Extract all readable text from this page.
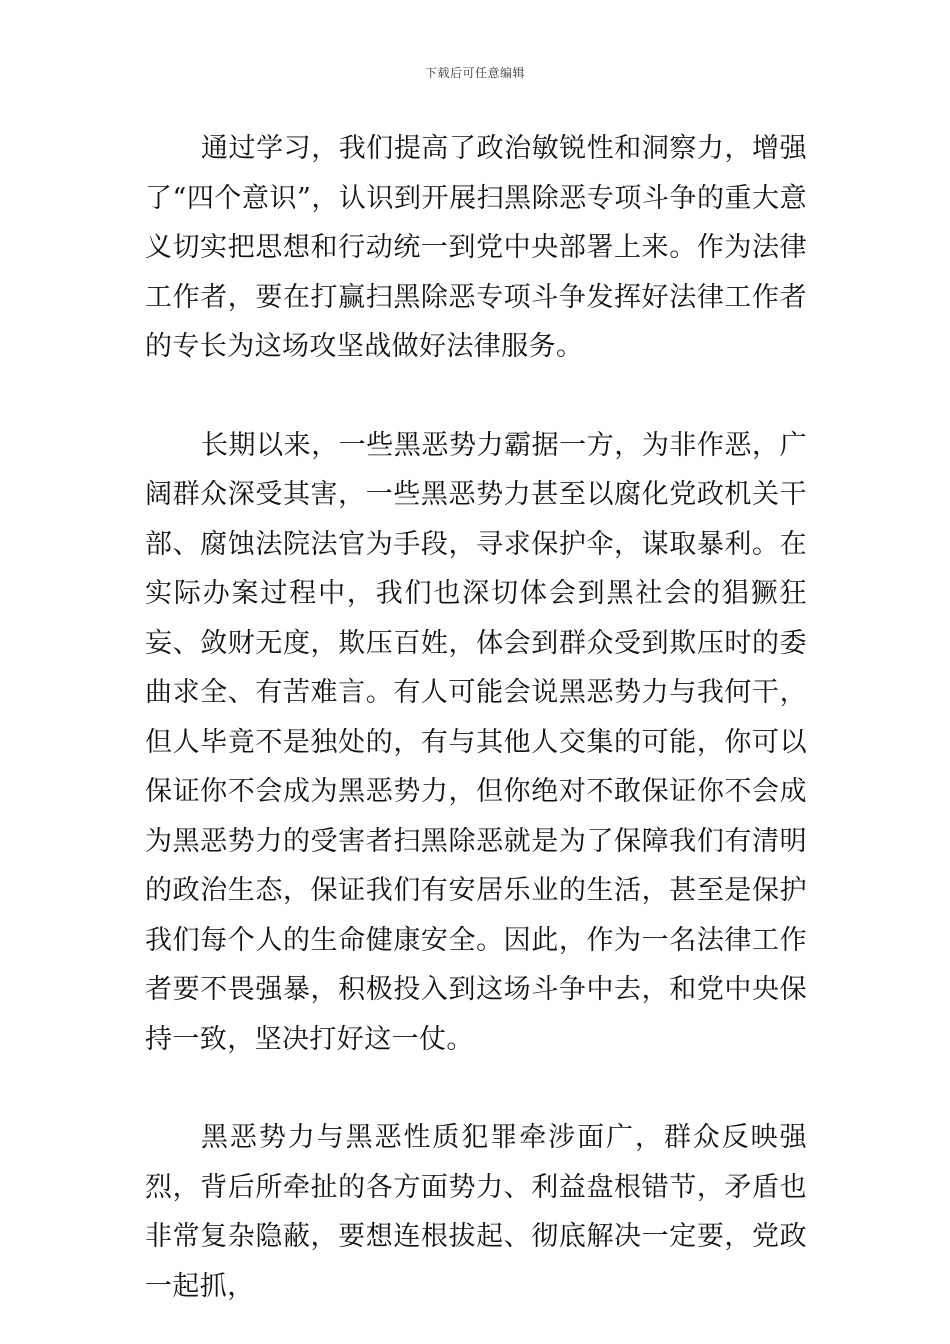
下载后可任意编辑

通过学习，我们提高了政治敏锐性和洞察力，增强了“四个意识”，认识到开展扫黑除恶专项斗争的重大意义切实把思想和行动统一到党中央部署上来。作为法律工作者，要在打赢扫黑除恶专项斗争发挥好法律工作者的专长为这场攻坚战做好法律服务。

长期以来，一些黑恶势力霸据一方，为非作恶，广阔群众深受其害，一些黑恶势力甚至以腐化党政机关干部、腐蚀法院法官为手段，寻求保护伞，谋取暴利。在实际办案过程中，我们也深切体会到黑社会的猖獗狂妄、敛财无度，欺压百姓，体会到群众受到欺压时的委曲求全、有苦难言。有人可能会说黑恶势力与我何干，但人毕竟不是独处的，有与其他人交集的可能，你可以保证你不会成为黑恶势力，但你绝对不敢保证你不会成为黑恶势力的受害者扫黑除恶就是为了保障我们有清明的政治生态，保证我们有安居乐业的生活，甚至是保护我们每个人的生命健康安全。因此，作为一名法律工作者要不畏强暴，积极投入到这场斗争中去，和党中央保持一致，坚决打好这一仗。

黑恶势力与黑恶性质犯罪牵涉面广，群众反映强烈，背后所牵扯的各方面势力、利益盘根错节，矛盾也非常复杂隐蔽，要想连根拔起、彻底解决一定要，党政一起抓，
